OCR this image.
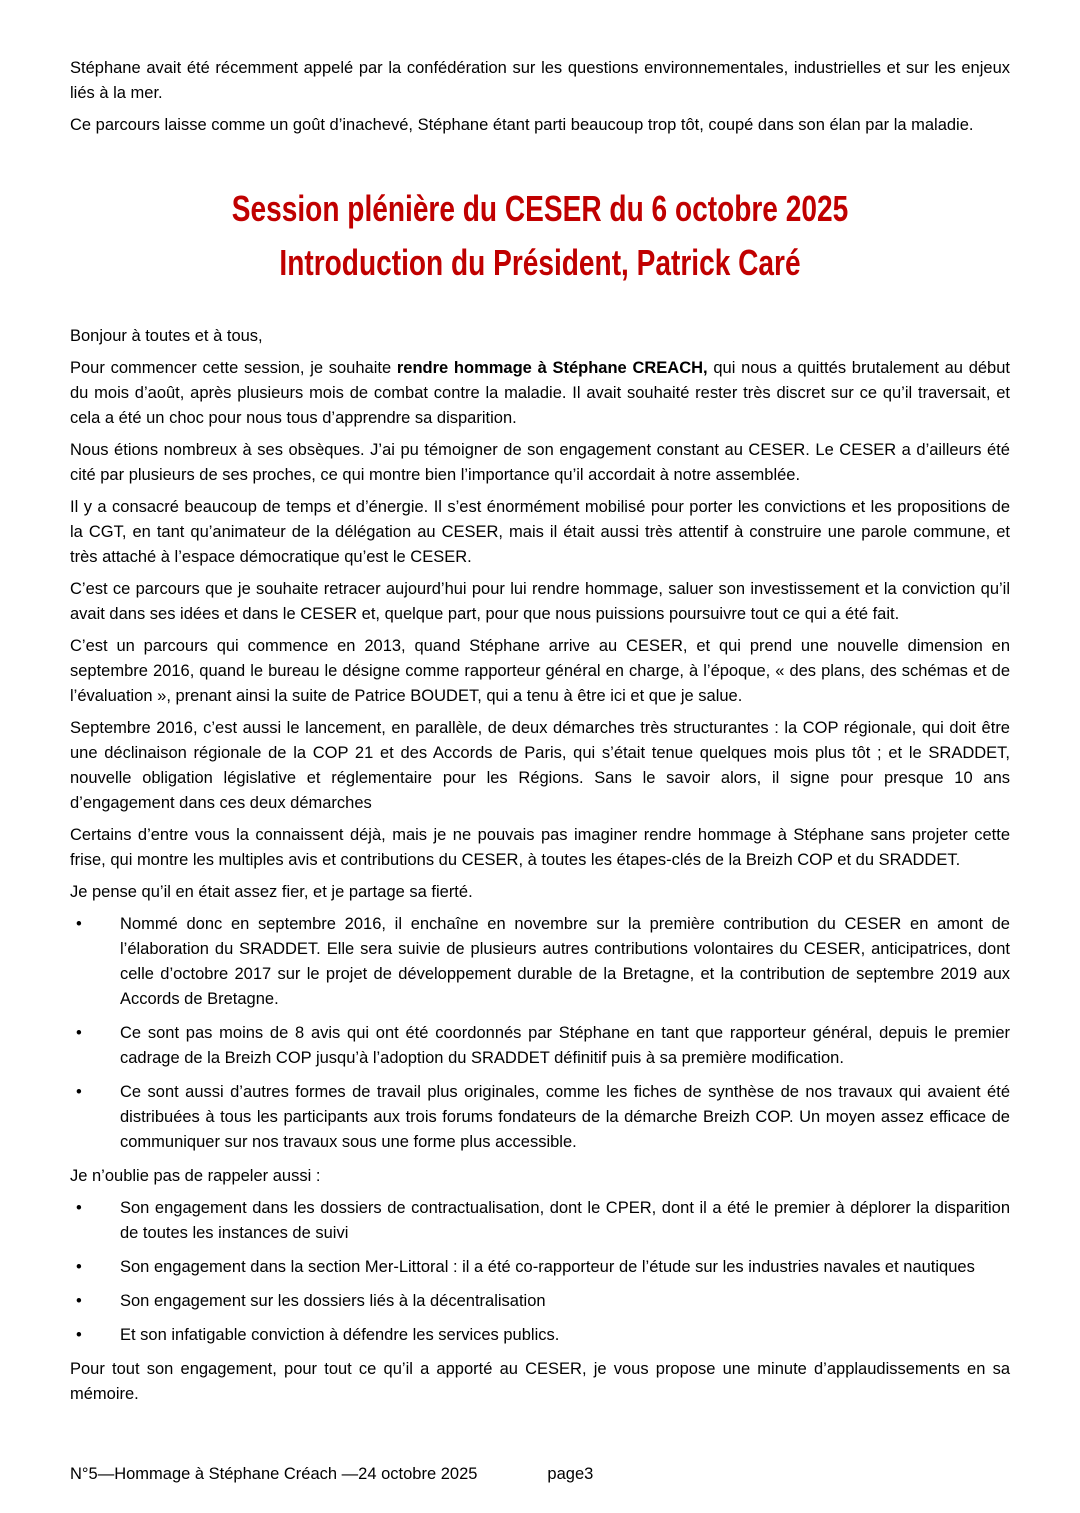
Stéphane avait été récemment appelé par la confédération sur les questions environnementales, industrielles et sur les enjeux liés à la mer.

Ce parcours laisse comme un goût d’inachevé, Stéphane étant parti beaucoup trop tôt, coupé dans son élan par la maladie.

Session plénière du CESER du 6 octobre 2025
Introduction du Président, Patrick Caré

Bonjour à toutes et à tous,

Pour commencer cette session, je souhaite rendre hommage à Stéphane CREACH, qui nous a quittés brutalement au début du mois d’août, après plusieurs mois de combat contre la maladie. Il avait souhaité rester très discret sur ce qu’il traversait, et cela a été un choc pour nous tous d’apprendre sa disparition.

Nous étions nombreux à ses obsèques. J’ai pu témoigner de son engagement constant au CESER. Le CESER a d’ailleurs été cité par plusieurs de ses proches, ce qui montre bien l’importance qu’il accordait à notre assemblée.

Il y a consacré beaucoup de temps et d’énergie. Il s’est énormément mobilisé pour porter les convictions et les propositions de la CGT, en tant qu’animateur de la délégation au CESER, mais il était aussi très attentif à construire une parole commune, et très attaché à l’espace démocratique qu’est le CESER.

C’est ce parcours que je souhaite retracer aujourd’hui pour lui rendre hommage, saluer son investissement et la conviction qu’il avait dans ses idées et dans le CESER et, quelque part, pour que nous puissions poursuivre tout ce qui a été fait.

C’est un parcours qui commence en 2013, quand Stéphane arrive au CESER, et qui prend une nouvelle dimension en septembre 2016, quand le bureau le désigne comme rapporteur général en charge, à l’époque, « des plans, des schémas et de l’évaluation », prenant ainsi la suite de Patrice BOUDET, qui a tenu à être ici et que je salue.

Septembre 2016, c’est aussi le lancement, en parallèle, de deux démarches très structurantes : la COP régionale, qui doit être une déclinaison régionale de la COP 21 et des Accords de Paris, qui s’était tenue quelques mois plus tôt ; et le SRADDET, nouvelle obligation législative et réglementaire pour les Régions. Sans le savoir alors, il signe pour presque 10 ans d’engagement dans ces deux démarches

Certains d’entre vous la connaissent déjà, mais je ne pouvais pas imaginer rendre hommage à Stéphane sans projeter cette frise, qui montre les multiples avis et contributions du CESER, à toutes les étapes-clés de la Breizh COP et du SRADDET.

Je pense qu’il en était assez fier, et je partage sa fierté.

• Nommé donc en septembre 2016, il enchaîne en novembre sur la première contribution du CESER en amont de l’élaboration du SRADDET. Elle sera suivie de plusieurs autres contributions volontaires du CESER, anticipatrices, dont celle d’octobre 2017 sur le projet de développement durable de la Bretagne, et la contribution de septembre 2019 aux Accords de Bretagne.
• Ce sont pas moins de 8 avis qui ont été coordonnés par Stéphane en tant que rapporteur général, depuis le premier cadrage de la Breizh COP jusqu’à l’adoption du SRADDET définitif puis à sa première modification.
• Ce sont aussi d’autres formes de travail plus originales, comme les fiches de synthèse de nos travaux qui avaient été distribuées à tous les participants aux trois forums fondateurs de la démarche Breizh COP. Un moyen assez efficace de communiquer sur nos travaux sous une forme plus accessible.

Je n’oublie pas de rappeler aussi :

• Son engagement dans les dossiers de contractualisation, dont le CPER, dont il a été le premier à déplorer la disparition de toutes les instances de suivi
• Son engagement dans la section Mer-Littoral : il a été co-rapporteur de l’étude sur les industries navales et nautiques
• Son engagement sur les dossiers liés à la décentralisation
• Et son infatigable conviction à défendre les services publics.

Pour tout son engagement, pour tout ce qu’il a apporté au CESER, je vous propose une minute d’applaudissements en sa mémoire.

N°5—Hommage à Stéphane Créach —24 octobre 2025	page3
